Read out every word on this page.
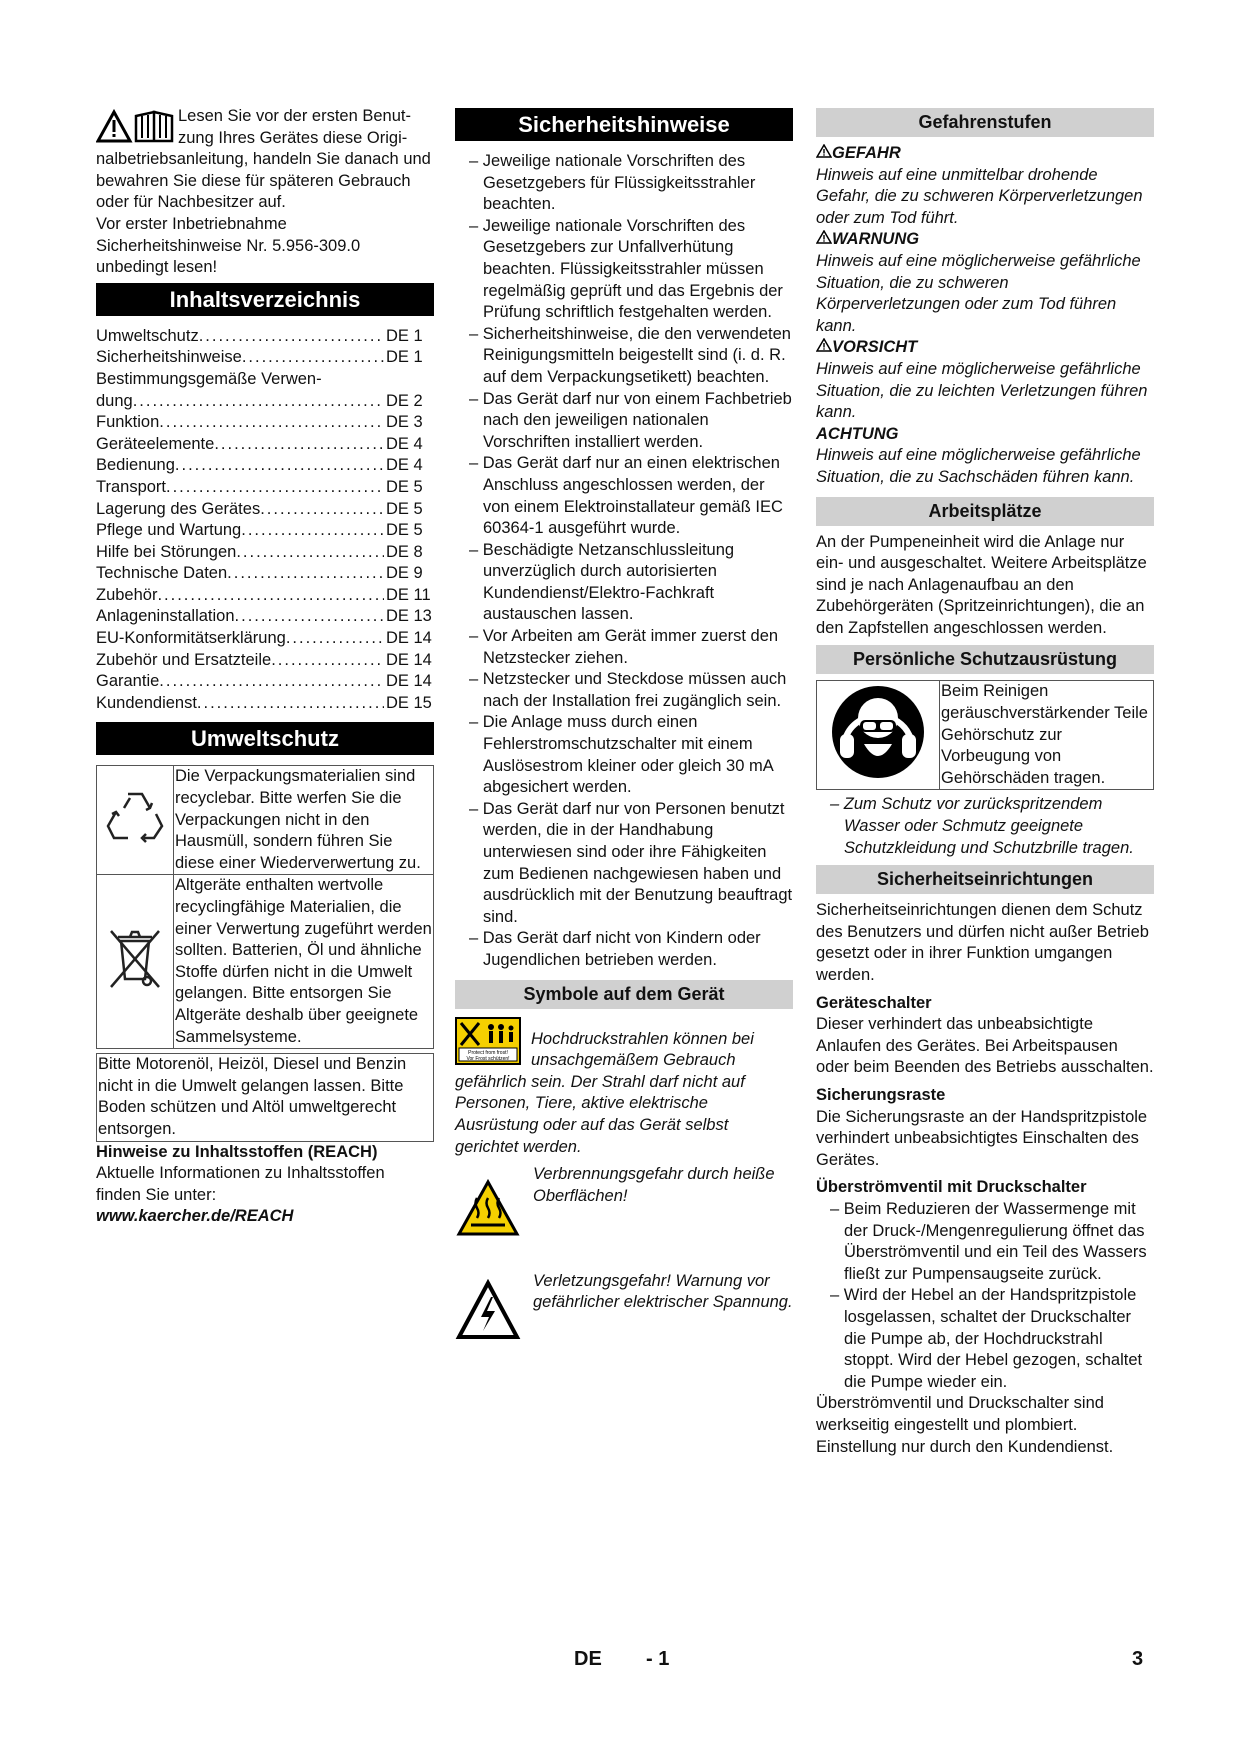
Lesen Sie vor der ersten Benut-

zung Ihres Gerätes diese Origi-

nalbetriebsanleitung, handeln Sie danach und bewahren Sie diese für späteren Gebrauch oder für Nachbesitzer auf.

Vor erster Inbetriebnahme Sicherheitshinweise Nr. 5.956-309.0 unbedingt lesen!

Inhaltsverzeichnis
Umweltschutz .....	DE 1
Sicherheitshinweise .....	DE 1
Bestimmungsgemäße Verwen-
dung .....	DE 2
Funktion .....	DE 3
Geräteelemente .....	DE 4
Bedienung .....	DE 4
Transport .....	DE 5
Lagerung des Gerätes .....	DE 5
Pflege und Wartung .....	DE 5
Hilfe bei Störungen .....	DE 8
Technische Daten .....	DE 9
Zubehör .....	DE 11
Anlageninstallation .....	DE 13
EU-Konformitätserklärung .....	DE 14
Zubehör und Ersatzteile .....	DE 14
Garantie .....	DE 14
Kundendienst .....	DE 15
Umweltschutz
	Die Verpackungsmaterialien sind recyclebar. Bitte werfen Sie die Verpackungen nicht in den Hausmüll, sondern führen Sie diese einer Wiederverwertung zu.
	Altgeräte enthalten wertvolle recyclingfähige Materialien, die einer Verwertung zugeführt werden sollten. Batterien, Öl und ähnliche Stoffe dürfen nicht in die Umwelt gelangen. Bitte entsorgen Sie Altgeräte deshalb über geeignete Sammelsysteme.
Bitte Motorenöl, Heizöl, Diesel und Benzin nicht in die Umwelt gelangen lassen. Bitte Boden schützen und Altöl umweltgerecht entsorgen.

Hinweise zu Inhaltsstoffen (REACH)

Aktuelle Informationen zu Inhaltsstoffen finden Sie unter:

www.kaercher.de/REACH

Sicherheitshinweise

– Jeweilige nationale Vorschriften des Gesetzgebers für Flüssigkeitsstrahler beachten.

– Jeweilige nationale Vorschriften des Gesetzgebers zur Unfallverhütung beachten. Flüssigkeitsstrahler müssen regelmäßig geprüft und das Ergebnis der Prüfung schriftlich festgehalten werden.

– Sicherheitshinweise, die den verwendeten Reinigungsmitteln beigestellt sind (i. d. R. auf dem Verpackungsetikett) beachten.

– Das Gerät darf nur von einem Fachbetrieb nach den jeweiligen nationalen Vorschriften installiert werden.

– Das Gerät darf nur an einen elektrischen Anschluss angeschlossen werden, der von einem Elektroinstallateur gemäß IEC 60364-1 ausgeführt wurde.

– Beschädigte Netzanschlussleitung unverzüglich durch autorisierten Kundendienst/Elektro-Fachkraft austauschen lassen.

– Vor Arbeiten am Gerät immer zuerst den Netzstecker ziehen.

– Netzstecker und Steckdose müssen auch nach der Installation frei zugänglich sein.

– Die Anlage muss durch einen Fehlerstromschutzschalter mit einem Auslösestrom kleiner oder gleich 30 mA abgesichert werden.

– Das Gerät darf nur von Personen benutzt werden, die in der Handhabung unterwiesen sind oder ihre Fähigkeiten zum Bedienen nachgewiesen haben und ausdrücklich mit der Benutzung beauftragt sind.

– Das Gerät darf nicht von Kindern oder Jugendlichen betrieben werden.

Symbole auf dem Gerät
Protect from frost!
Vor Frost schützen!

Hochdruckstrahlen können bei unsachgemäßem Gebrauch gefährlich sein. Der Strahl darf nicht auf Personen, Tiere, aktive elektrische Ausrüstung oder auf das Gerät selbst gerichtet werden.

Verbrennungsgefahr durch heiße Oberflächen!

Verletzungsgefahr! Warnung vor gefährlicher elektrischer Spannung.

Gefahrenstufen

GEFAHR

Hinweis auf eine unmittelbar drohende Gefahr, die zu schweren Körperverletzungen oder zum Tod führt.

WARNUNG

Hinweis auf eine möglicherweise gefährliche Situation, die zu schweren Körperverletzungen oder zum Tod führen kann.

VORSICHT

Hinweis auf eine möglicherweise gefährliche Situation, die zu leichten Verletzungen führen kann.

ACHTUNG

Hinweis auf eine möglicherweise gefährliche Situation, die zu Sachschäden führen kann.

Arbeitsplätze

An der Pumpeneinheit wird die Anlage nur ein- und ausgeschaltet. Weitere Arbeitsplätze sind je nach Anlagenaufbau an den Zubehörgeräten (Spritzeinrichtungen), die an den Zapfstellen angeschlossen werden.

Persönliche Schutzausrüstung
	Beim Reinigen geräuschverstärkender Teile Gehörschutz zur Vorbeugung von Gehörschäden tragen.

– Zum Schutz vor zurückspritzendem Wasser oder Schmutz geeignete Schutzkleidung und Schutzbrille tragen.

Sicherheitseinrichtungen

Sicherheitseinrichtungen dienen dem Schutz des Benutzers und dürfen nicht außer Betrieb gesetzt oder in ihrer Funktion umgangen werden.

Geräteschalter

Dieser verhindert das unbeabsichtigte Anlaufen des Gerätes. Bei Arbeitspausen oder beim Beenden des Betriebs ausschalten.

Sicherungsraste

Die Sicherungsraste an der Handspritzpistole verhindert unbeabsichtigtes Einschalten des Gerätes.

Überströmventil mit Druckschalter

– Beim Reduzieren der Wassermenge mit der Druck-/Mengenregulierung öffnet das Überströmventil und ein Teil des Wassers fließt zur Pumpensaugseite zurück.

– Wird der Hebel an der Handspritzpistole losgelassen, schaltet der Druckschalter die Pumpe ab, der Hochdruckstrahl stoppt. Wird der Hebel gezogen, schaltet die Pumpe wieder ein.

Überströmventil und Druckschalter sind werkseitig eingestellt und plombiert. Einstellung nur durch den Kundendienst.

DE - 1	3
